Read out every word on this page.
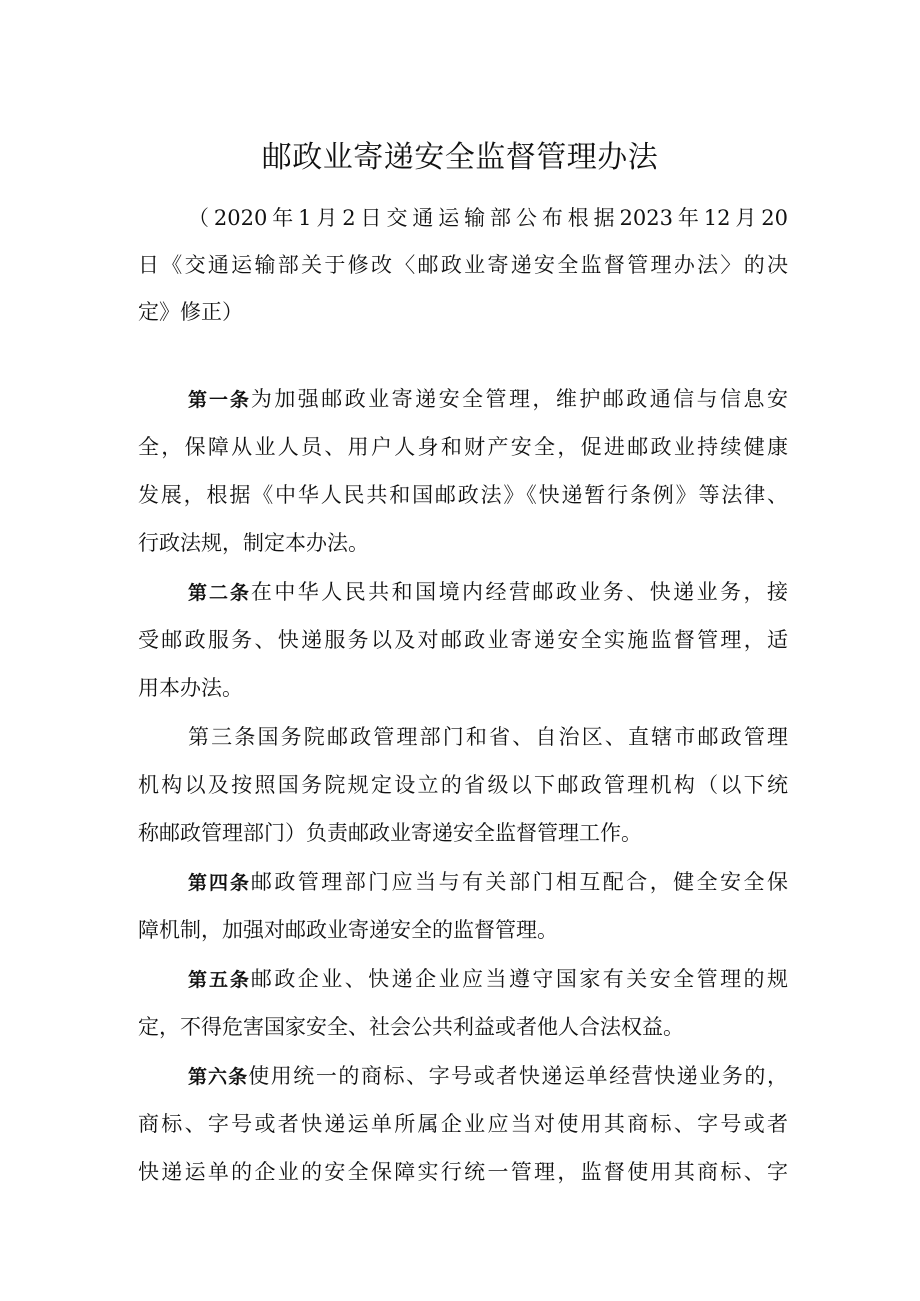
邮政业寄递安全监督管理办法
（2020年1月2日交通运输部公布根据2023年12月20
日《交通运输部关于修改〈邮政业寄递安全监督管理办法〉的决
定》修正）
第一条为加强邮政业寄递安全管理，维护邮政通信与信息安
全，保障从业人员、用户人身和财产安全，促进邮政业持续健康
发展，根据《中华人民共和国邮政法》《快递暂行条例》等法律、
行政法规，制定本办法。
第二条在中华人民共和国境内经营邮政业务、快递业务，接
受邮政服务、快递服务以及对邮政业寄递安全实施监督管理，适
用本办法。
第三条国务院邮政管理部门和省、自治区、直辖市邮政管理
机构以及按照国务院规定设立的省级以下邮政管理机构（以下统
称邮政管理部门）负责邮政业寄递安全监督管理工作。
第四条邮政管理部门应当与有关部门相互配合，健全安全保
障机制，加强对邮政业寄递安全的监督管理。
第五条邮政企业、快递企业应当遵守国家有关安全管理的规
定，不得危害国家安全、社会公共利益或者他人合法权益。
第六条使用统一的商标、字号或者快递运单经营快递业务的，
商标、字号或者快递运单所属企业应当对使用其商标、字号或者
快递运单的企业的安全保障实行统一管理，监督使用其商标、字
